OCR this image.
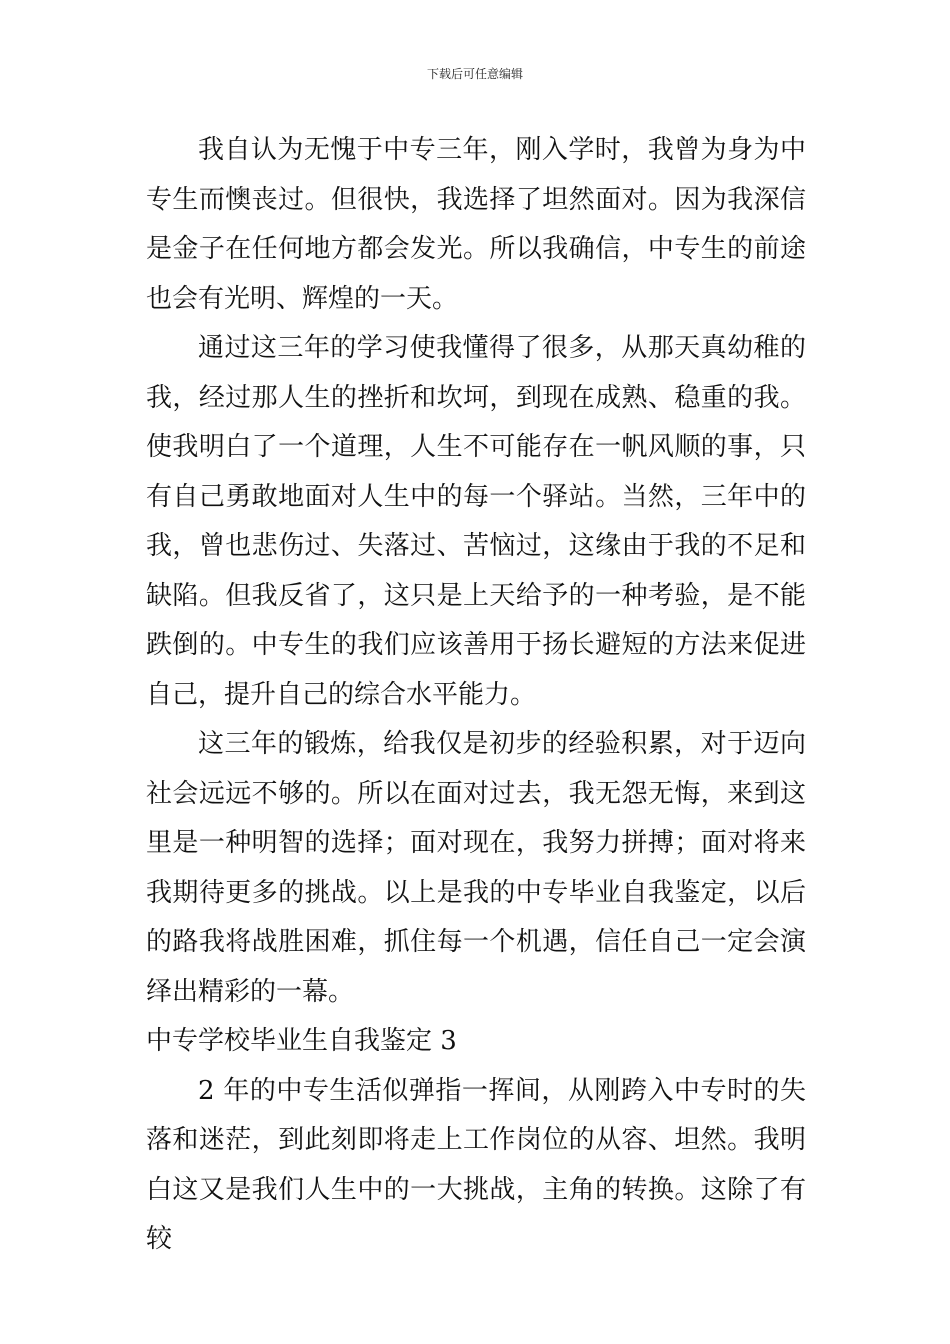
下载后可任意编辑

我自认为无愧于中专三年，刚入学时，我曾为身为中专生而懊丧过。但很快，我选择了坦然面对。因为我深信是金子在任何地方都会发光。所以我确信，中专生的前途也会有光明、辉煌的一天。

通过这三年的学习使我懂得了很多，从那天真幼稚的我，经过那人生的挫折和坎坷，到现在成熟、稳重的我。使我明白了一个道理，人生不可能存在一帆风顺的事，只有自己勇敢地面对人生中的每一个驿站。当然，三年中的我，曾也悲伤过、失落过、苦恼过，这缘由于我的不足和缺陷。但我反省了，这只是上天给予的一种考验，是不能跌倒的。中专生的我们应该善用于扬长避短的方法来促进自己，提升自己的综合水平能力。

这三年的锻炼，给我仅是初步的经验积累，对于迈向社会远远不够的。所以在面对过去，我无怨无悔，来到这里是一种明智的选择；面对现在，我努力拼搏；面对将来我期待更多的挑战。以上是我的中专毕业自我鉴定，以后的路我将战胜困难，抓住每一个机遇，信任自己一定会演绎出精彩的一幕。

中专学校毕业生自我鉴定 3

2 年的中专生活似弹指一挥间，从刚跨入中专时的失落和迷茫，到此刻即将走上工作岗位的从容、坦然。我明白这又是我们人生中的一大挑战，主角的转换。这除了有较
